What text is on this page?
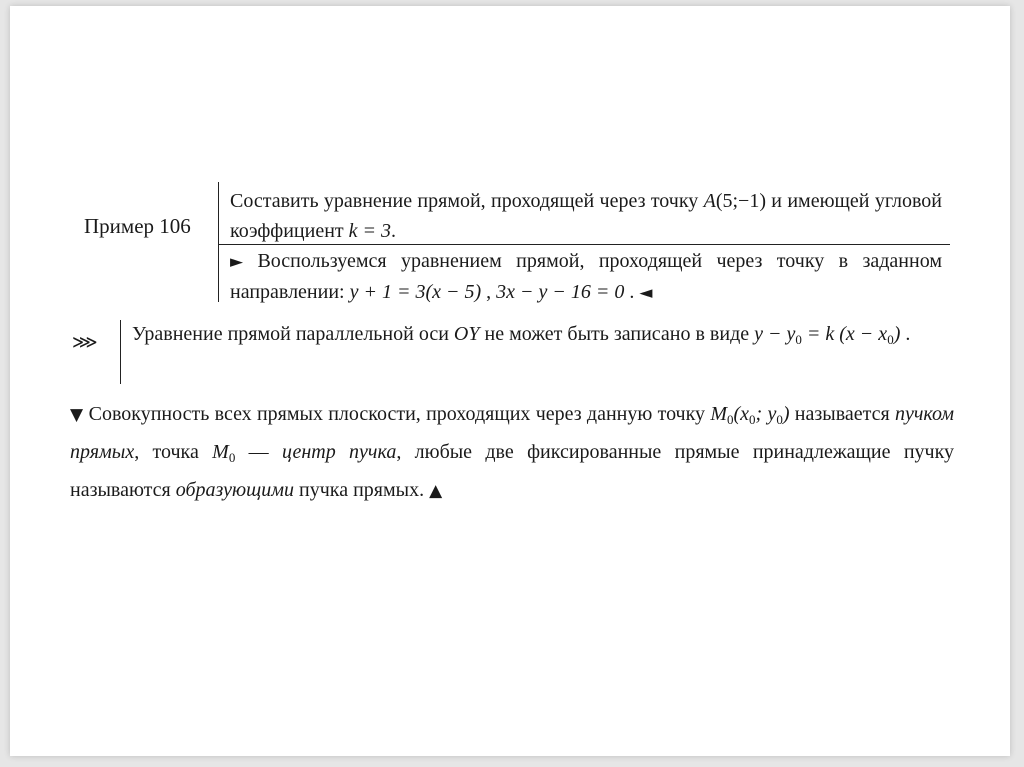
Пример 106

Составить уравнение прямой, проходящей через точку A(5;−1) и имеющей угловой коэффициент k = 3.

► Воспользуемся уравнением прямой, проходящей через точку в заданном направлении: y + 1 = 3(x − 5) , 3x − y − 16 = 0 . ◄

⋙ Уравнение прямой параллельной оси OY не может быть записано в виде $y - y_0 = k$ $(x - x_0)$ .

▼ Совокупность всех прямых плоскости, проходящих через данную точку $M_0(x_0$; $y_0$) называется пучком прямых, точка $M_0$ — центр пучка, любые две фиксированные прямые принадлежащие пучку называются образующими пучка прямых. ▲
